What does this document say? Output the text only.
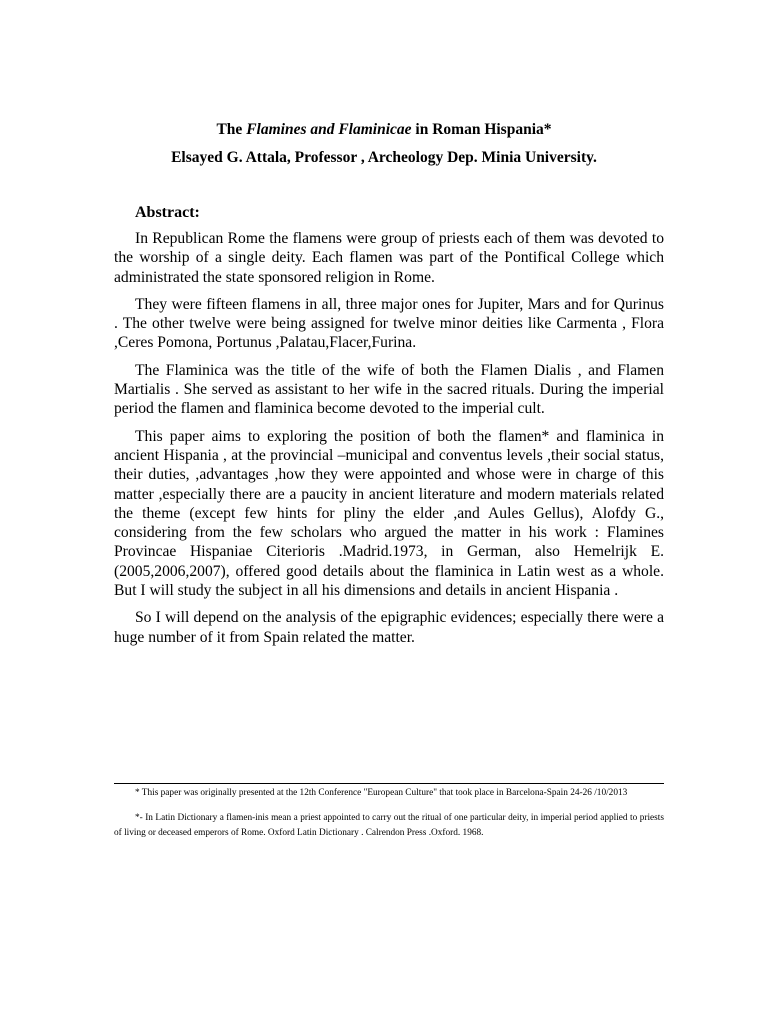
The Flamines and Flaminicae in Roman Hispania*
Elsayed G. Attala, Professor , Archeology Dep. Minia University.
Abstract:

In Republican Rome the flamens were group of priests each of them was devoted to the worship of a single deity. Each flamen was part of the Pontifical College which administrated the state sponsored religion in Rome.

They were fifteen flamens in all, three major ones for Jupiter, Mars and for Qurinus . The other twelve were being assigned for twelve minor deities like Carmenta , Flora ,Ceres Pomona, Portunus ,Palatau,Flacer,Furina.

The Flaminica was the title of the wife of both the Flamen Dialis , and Flamen Martialis . She served as assistant to her wife in the sacred rituals. During the imperial period the flamen and flaminica become devoted to the imperial cult.

This paper aims to exploring the position of both the flamen* and flaminica in ancient Hispania , at the provincial –municipal and conventus levels ,their social status, their duties, ,advantages ,how they were appointed and whose were in charge of this matter ,especially there are a paucity in ancient literature and modern materials related the theme (except few hints for pliny the elder ,and Aules Gellus), Alofdy G., considering from the few scholars who argued the matter in his work : Flamines Provincae Hispaniae Citerioris .Madrid.1973, in German, also Hemelrijk E.(2005,2006,2007), offered good details about the flaminica in Latin west as a whole. But I will study the subject in all his dimensions and details in ancient Hispania .

So I will depend on the analysis of the epigraphic evidences; especially there were a huge number of it from Spain related the matter.

* This paper was originally presented at the 12th Conference "European Culture" that took place in Barcelona-Spain 24-26 /10/2013

*- In Latin Dictionary a flamen-inis mean a priest appointed to carry out the ritual of one particular deity, in imperial period applied to priests of living or deceased emperors of Rome. Oxford Latin Dictionary . Calrendon Press .Oxford. 1968.
